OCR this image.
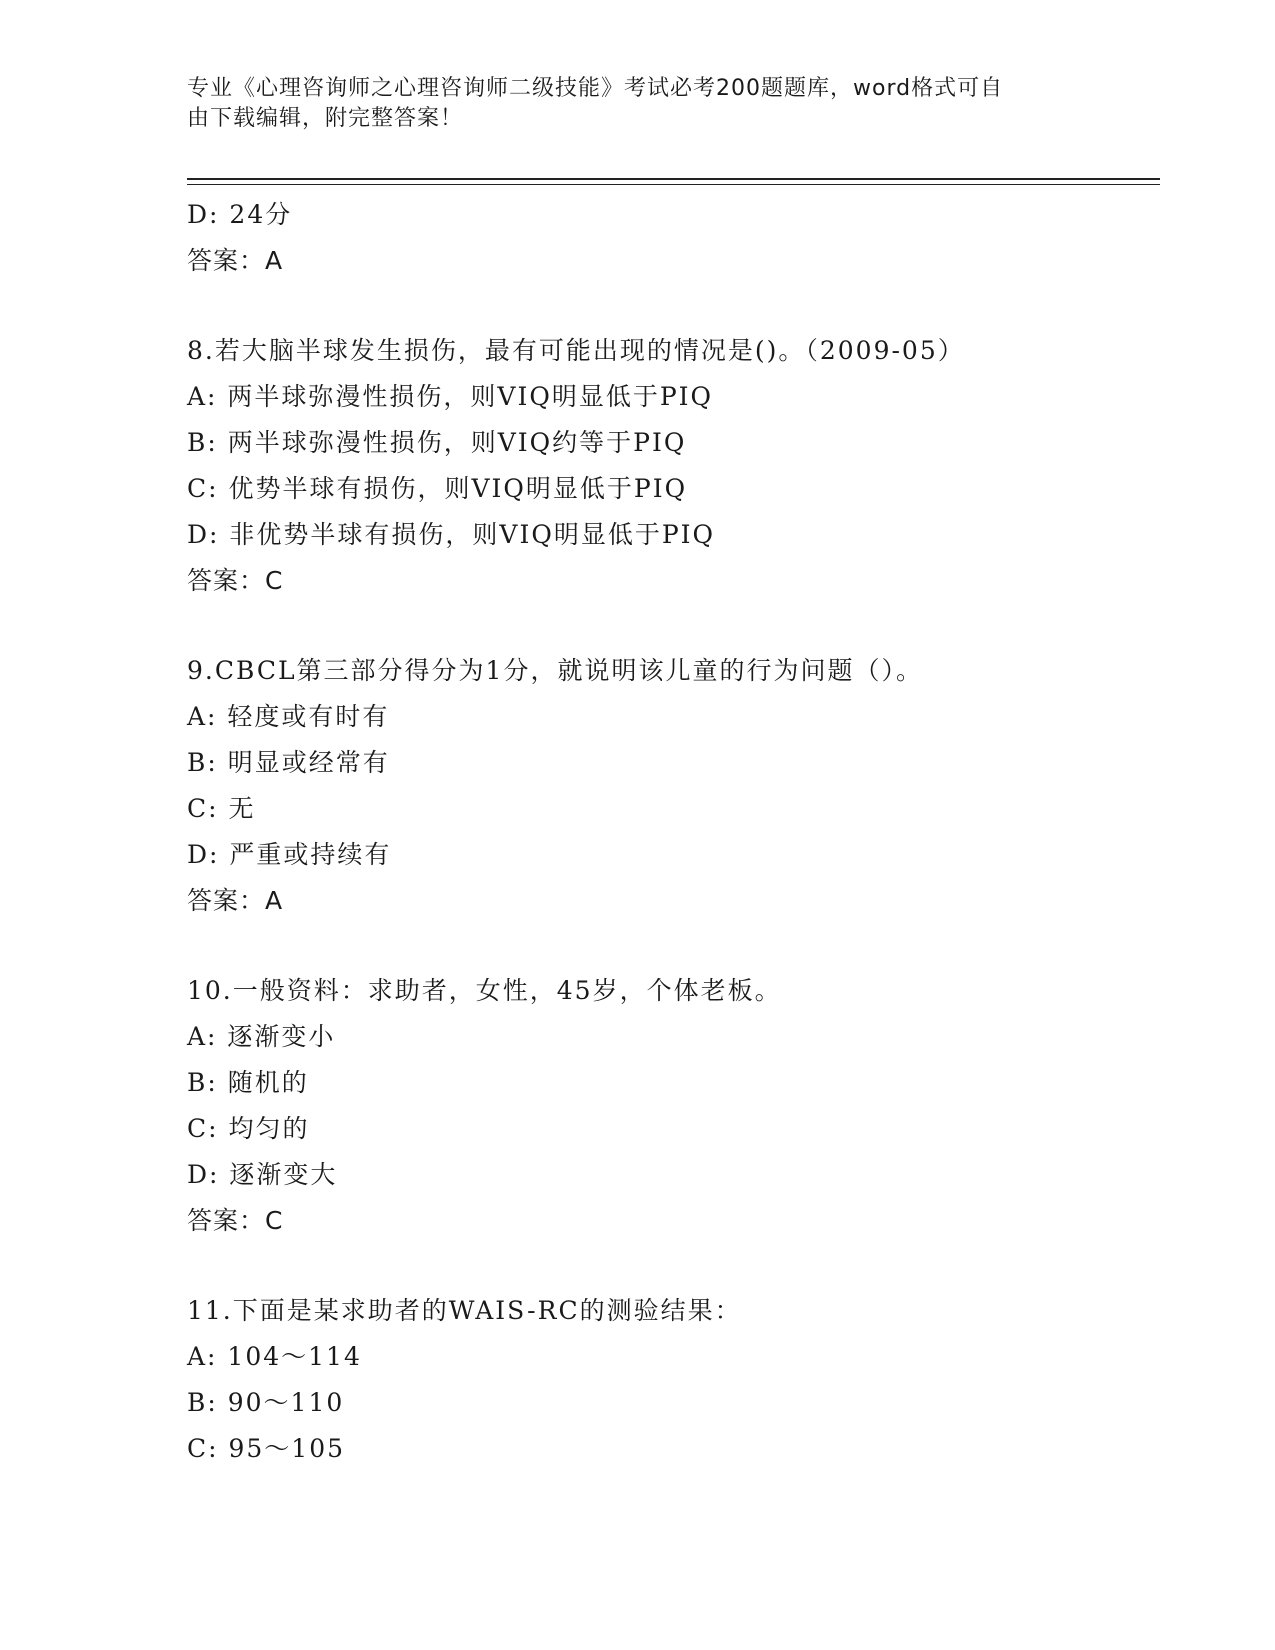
专业《心理咨询师之心理咨询师二级技能》考试必考200题题库，word格式可自
由下载编辑，附完整答案！
D: 24分
答案：A
8.若大脑半球发生损伤，最有可能出现的情况是()。（2009-05）
A: 两半球弥漫性损伤，则VIQ明显低于PIQ
B: 两半球弥漫性损伤，则VIQ约等于PIQ
C: 优势半球有损伤，则VIQ明显低于PIQ
D: 非优势半球有损伤，则VIQ明显低于PIQ
答案：C
9.CBCL第三部分得分为1分，就说明该儿童的行为问题（）。
A: 轻度或有时有
B: 明显或经常有
C: 无
D: 严重或持续有
答案：A
10.一般资料：求助者，女性，45岁，个体老板。
A: 逐渐变小
B: 随机的
C: 均匀的
D: 逐渐变大
答案：C
11.下面是某求助者的WAIS-RC的测验结果：
A: 104～114
B: 90～110
C: 95～105
